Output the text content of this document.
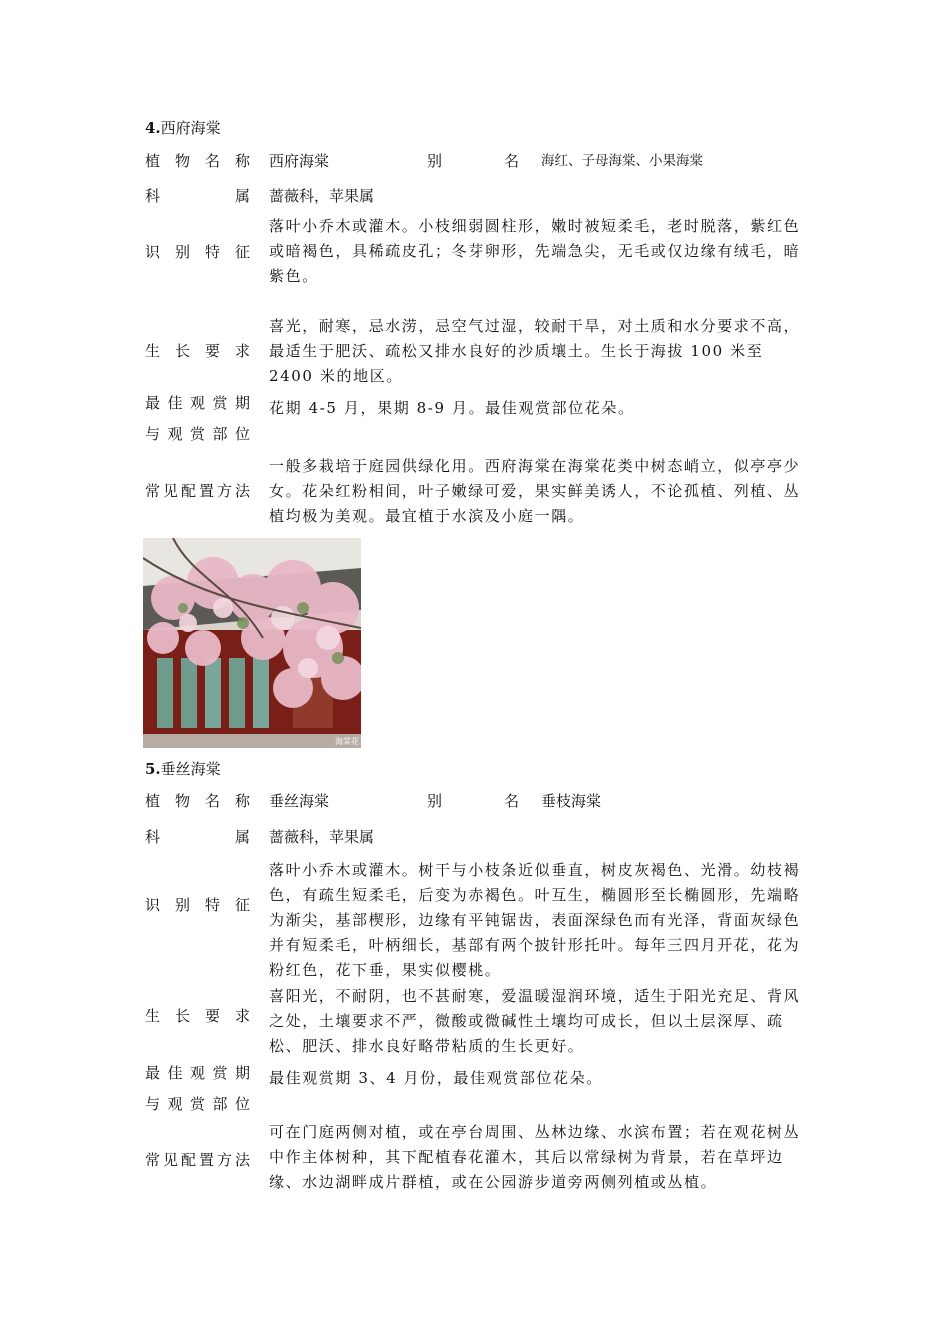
4.西府海棠
植物名称 西府海棠	别名 海红、子母海棠、小果海棠
科属 蔷薇科，苹果属
识别特征
落叶小乔木或灌木。小枝细弱圆柱形，嫩时被短柔毛，老时脱落，紫红色或暗褐色，具稀疏皮孔；冬芽卵形，先端急尖，无毛或仅边缘有绒毛，暗紫色。
生长要求
喜光，耐寒，忌水涝，忌空气过湿，较耐干旱，对土质和水分要求不高，最适生于肥沃、疏松又排水良好的沙质壤土。生长于海拔 100 米至 2400 米的地区。
最佳观赏期
与观赏部位
花期 4-5 月，果期 8-9 月。最佳观赏部位花朵。
常见配置方法
一般多栽培于庭园供绿化用。西府海棠在海棠花类中树态峭立，似亭亭少女。花朵红粉相间，叶子嫩绿可爱，果实鲜美诱人，不论孤植、列植、丛植均极为美观。最宜植于水滨及小庭一隅。
海棠花
5.垂丝海棠
植物名称 垂丝海棠	别名 垂枝海棠
科属 蔷薇科，苹果属
识别特征
落叶小乔木或灌木。树干与小枝条近似垂直，树皮灰褐色、光滑。幼枝褐色，有疏生短柔毛，后变为赤褐色。叶互生，椭圆形至长椭圆形，先端略为渐尖，基部楔形，边缘有平钝锯齿，表面深绿色而有光泽，背面灰绿色并有短柔毛，叶柄细长，基部有两个披针形托叶。每年三四月开花，花为粉红色，花下垂，果实似樱桃。
生长要求
喜阳光，不耐阴，也不甚耐寒，爱温暖湿润环境，适生于阳光充足、背风之处，土壤要求不严，微酸或微碱性土壤均可成长，但以土层深厚、疏松、肥沃、排水良好略带粘质的生长更好。
最佳观赏期
与观赏部位
最佳观赏期 3、4 月份，最佳观赏部位花朵。
常见配置方法
可在门庭两侧对植，或在亭台周围、丛林边缘、水滨布置；若在观花树丛中作主体树种，其下配植春花灌木，其后以常绿树为背景，若在草坪边缘、水边湖畔成片群植，或在公园游步道旁两侧列植或丛植。
